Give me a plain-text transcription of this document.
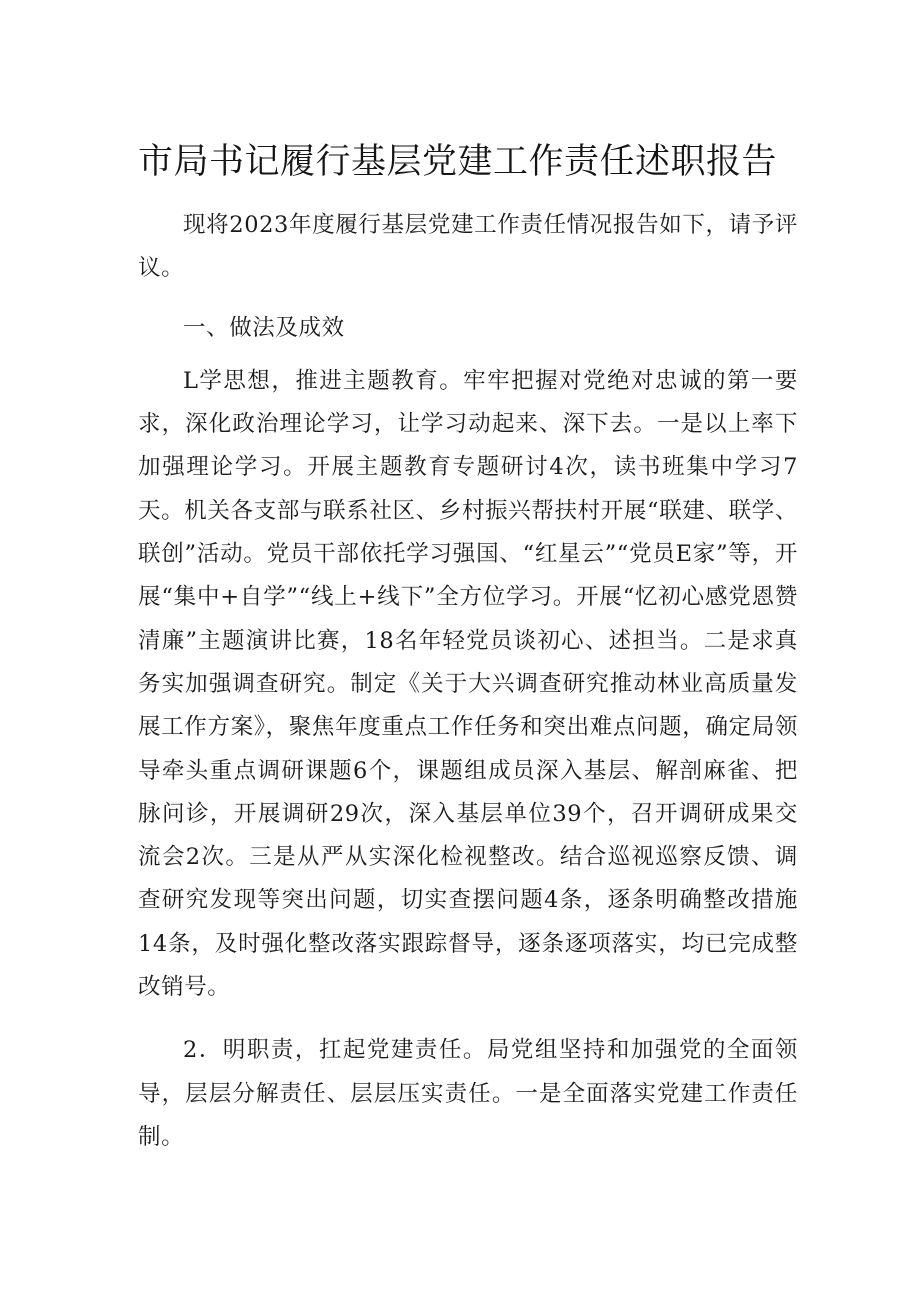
市局书记履行基层党建工作责任述职报告

现将2023年度履行基层党建工作责任情况报告如下，请予评议。

一、做法及成效

L学思想，推进主题教育。牢牢把握对党绝对忠诚的第一要求，深化政治理论学习，让学习动起来、深下去。一是以上率下加强理论学习。开展主题教育专题研讨4次，读书班集中学习7天。机关各支部与联系社区、乡村振兴帮扶村开展“联建、联学、联创”活动。党员干部依托学习强国、“红星云”“党员E家”等，开展“集中+自学”“线上+线下”全方位学习。开展“忆初心感党恩赞清廉”主题演讲比赛，18名年轻党员谈初心、述担当。二是求真务实加强调查研究。制定《关于大兴调查研究推动林业高质量发展工作方案》，聚焦年度重点工作任务和突出难点问题，确定局领导牵头重点调研课题6个，课题组成员深入基层、解剖麻雀、把脉问诊，开展调研29次，深入基层单位39个，召开调研成果交流会2次。三是从严从实深化检视整改。结合巡视巡察反馈、调查研究发现等突出问题，切实查摆问题4条，逐条明确整改措施14条，及时强化整改落实跟踪督导，逐条逐项落实，均已完成整改销号。

2．明职责，扛起党建责任。局党组坚持和加强党的全面领导，层层分解责任、层层压实责任。一是全面落实党建工作责任制。
